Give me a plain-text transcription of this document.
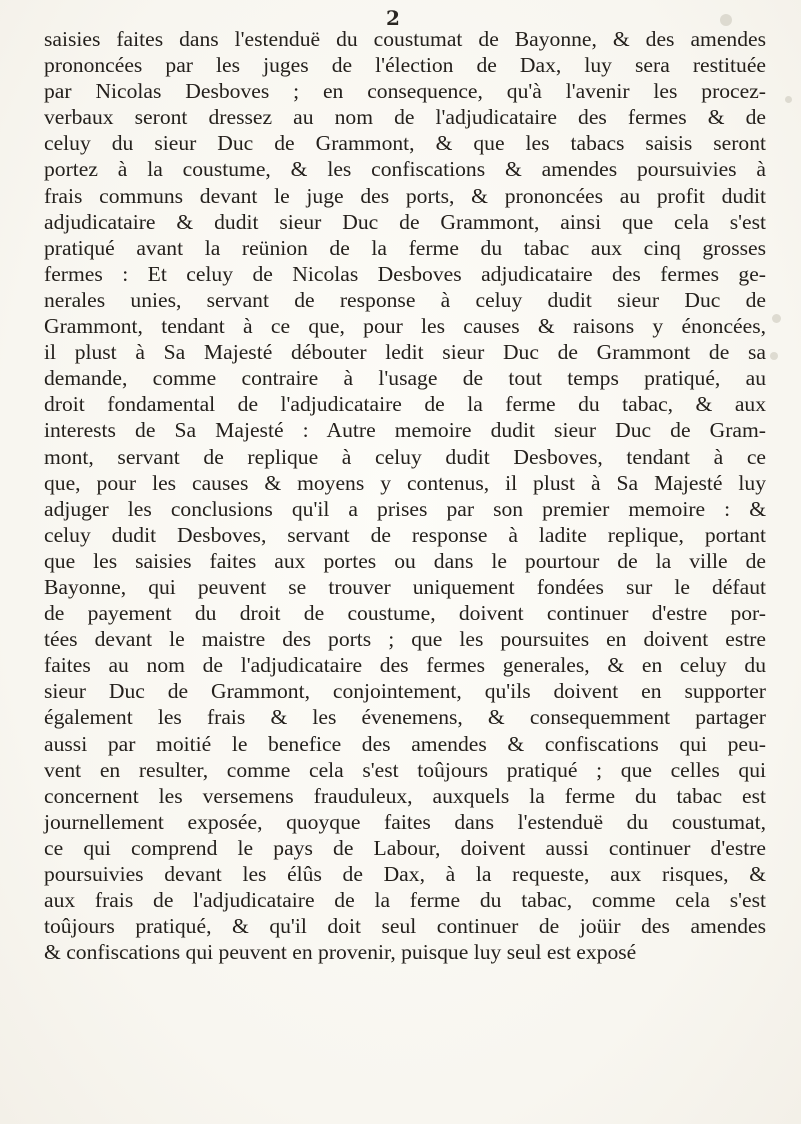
2
saisies faites dans l'estenduë du coustumat de Bayonne, & des amendes
prononcées par les juges de l'élection de Dax, luy sera restituée
par Nicolas Desboves ; en consequence, qu'à l'avenir les procez-
verbaux seront dressez au nom de l'adjudicataire des fermes & de
celuy du sieur Duc de Grammont, & que les tabacs saisis seront
portez à la coustume, & les confiscations & amendes poursuivies à
frais communs devant le juge des ports, & prononcées au profit dudit
adjudicataire & dudit sieur Duc de Grammont, ainsi que cela s'est
pratiqué avant la reünion de la ferme du tabac aux cinq grosses
fermes : Et celuy de Nicolas Desboves adjudicataire des fermes ge-
nerales unies, servant de response à celuy dudit sieur Duc de
Grammont, tendant à ce que, pour les causes & raisons y énoncées,
il plust à Sa Majesté débouter ledit sieur Duc de Grammont de sa
demande, comme contraire à l'usage de tout temps pratiqué, au
droit fondamental de l'adjudicataire de la ferme du tabac, & aux
interests de Sa Majesté : Autre memoire dudit sieur Duc de Gram-
mont, servant de replique à celuy dudit Desboves, tendant à ce
que, pour les causes & moyens y contenus, il plust à Sa Majesté luy
adjuger les conclusions qu'il a prises par son premier memoire : &
celuy dudit Desboves, servant de response à ladite replique, portant
que les saisies faites aux portes ou dans le pourtour de la ville de
Bayonne, qui peuvent se trouver uniquement fondées sur le défaut
de payement du droit de coustume, doivent continuer d'estre por-
tées devant le maistre des ports ; que les poursuites en doivent estre
faites au nom de l'adjudicataire des fermes generales, & en celuy du
sieur Duc de Grammont, conjointement, qu'ils doivent en supporter
également les frais & les évenemens, & consequemment partager
aussi par moitié le benefice des amendes & confiscations qui peu-
vent en resulter, comme cela s'est toûjours pratiqué ; que celles qui
concernent les versemens frauduleux, auxquels la ferme du tabac est
journellement exposée, quoyque faites dans l'estenduë du coustumat,
ce qui comprend le pays de Labour, doivent aussi continuer d'estre
poursuivies devant les élûs de Dax, à la requeste, aux risques, &
aux frais de l'adjudicataire de la ferme du tabac, comme cela s'est
toûjours pratiqué, & qu'il doit seul continuer de joüir des amendes
& confiscations qui peuvent en provenir, puisque luy seul est exposé
